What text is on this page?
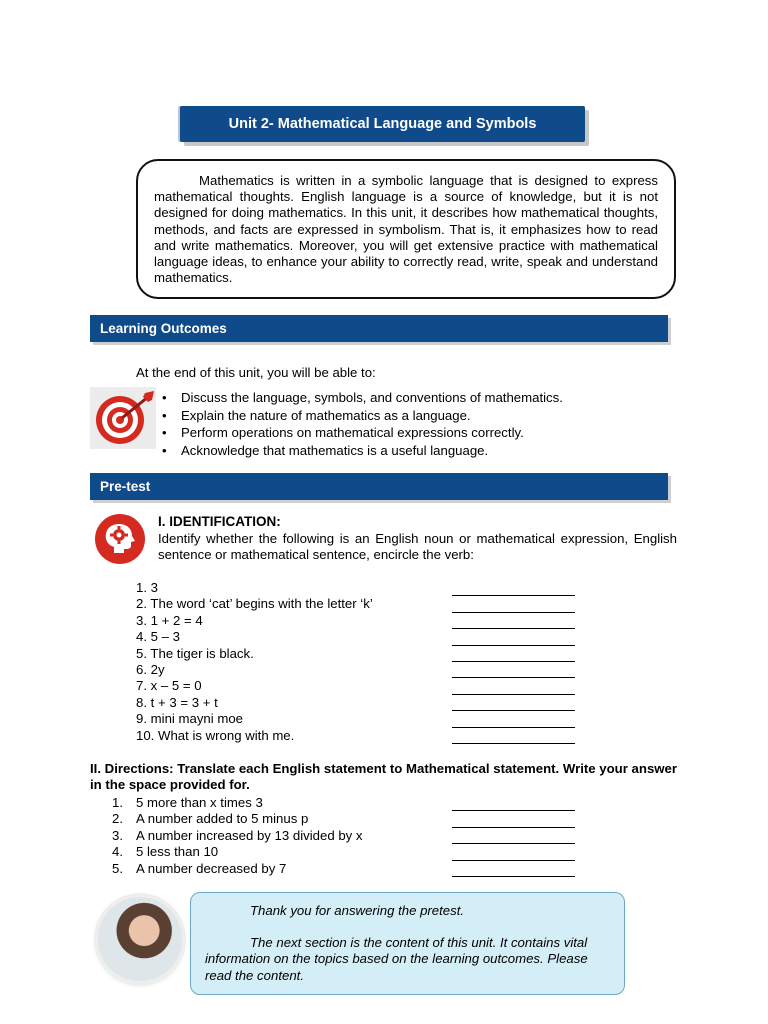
Unit 2- Mathematical Language and Symbols

Mathematics is written in a symbolic language that is designed to express mathematical thoughts. English language is a source of knowledge, but it is not designed for doing mathematics. In this unit, it describes how mathematical thoughts, methods, and facts are expressed in symbolism. That is, it emphasizes how to read and write mathematics. Moreover, you will get extensive practice with mathematical language ideas, to enhance your ability to correctly read, write, speak and understand mathematics.

Learning Outcomes
At the end of this unit, you will be able to:
• Discuss the language, symbols, and conventions of mathematics.
• Explain the nature of mathematics as a language.
• Perform operations on mathematical expressions correctly.
• Acknowledge that mathematics is a useful language.
Pre-test
I. IDENTIFICATION:
Identify whether the following is an English noun or mathematical expression, English sentence or mathematical sentence, encircle the verb:
1. 3
2. The word ‘cat’ begins with the letter ‘k’
3. 1 + 2 = 4
4. 5 – 3
5. The tiger is black.
6. 2y
7. x – 5 = 0
8. t + 3 = 3 + t
9. mini mayni moe
10. What is wrong with me.
II. Directions: Translate each English statement to Mathematical statement. Write your answer in the space provided for.
1. 5 more than x times 3
2. A number added to 5 minus p
3. A number increased by 13 divided by x
4. 5 less than 10
5. A number decreased by 7

Thank you for answering the pretest.

The next section is the content of this unit. It contains vital information on the topics based on the learning outcomes. Please read the content.
